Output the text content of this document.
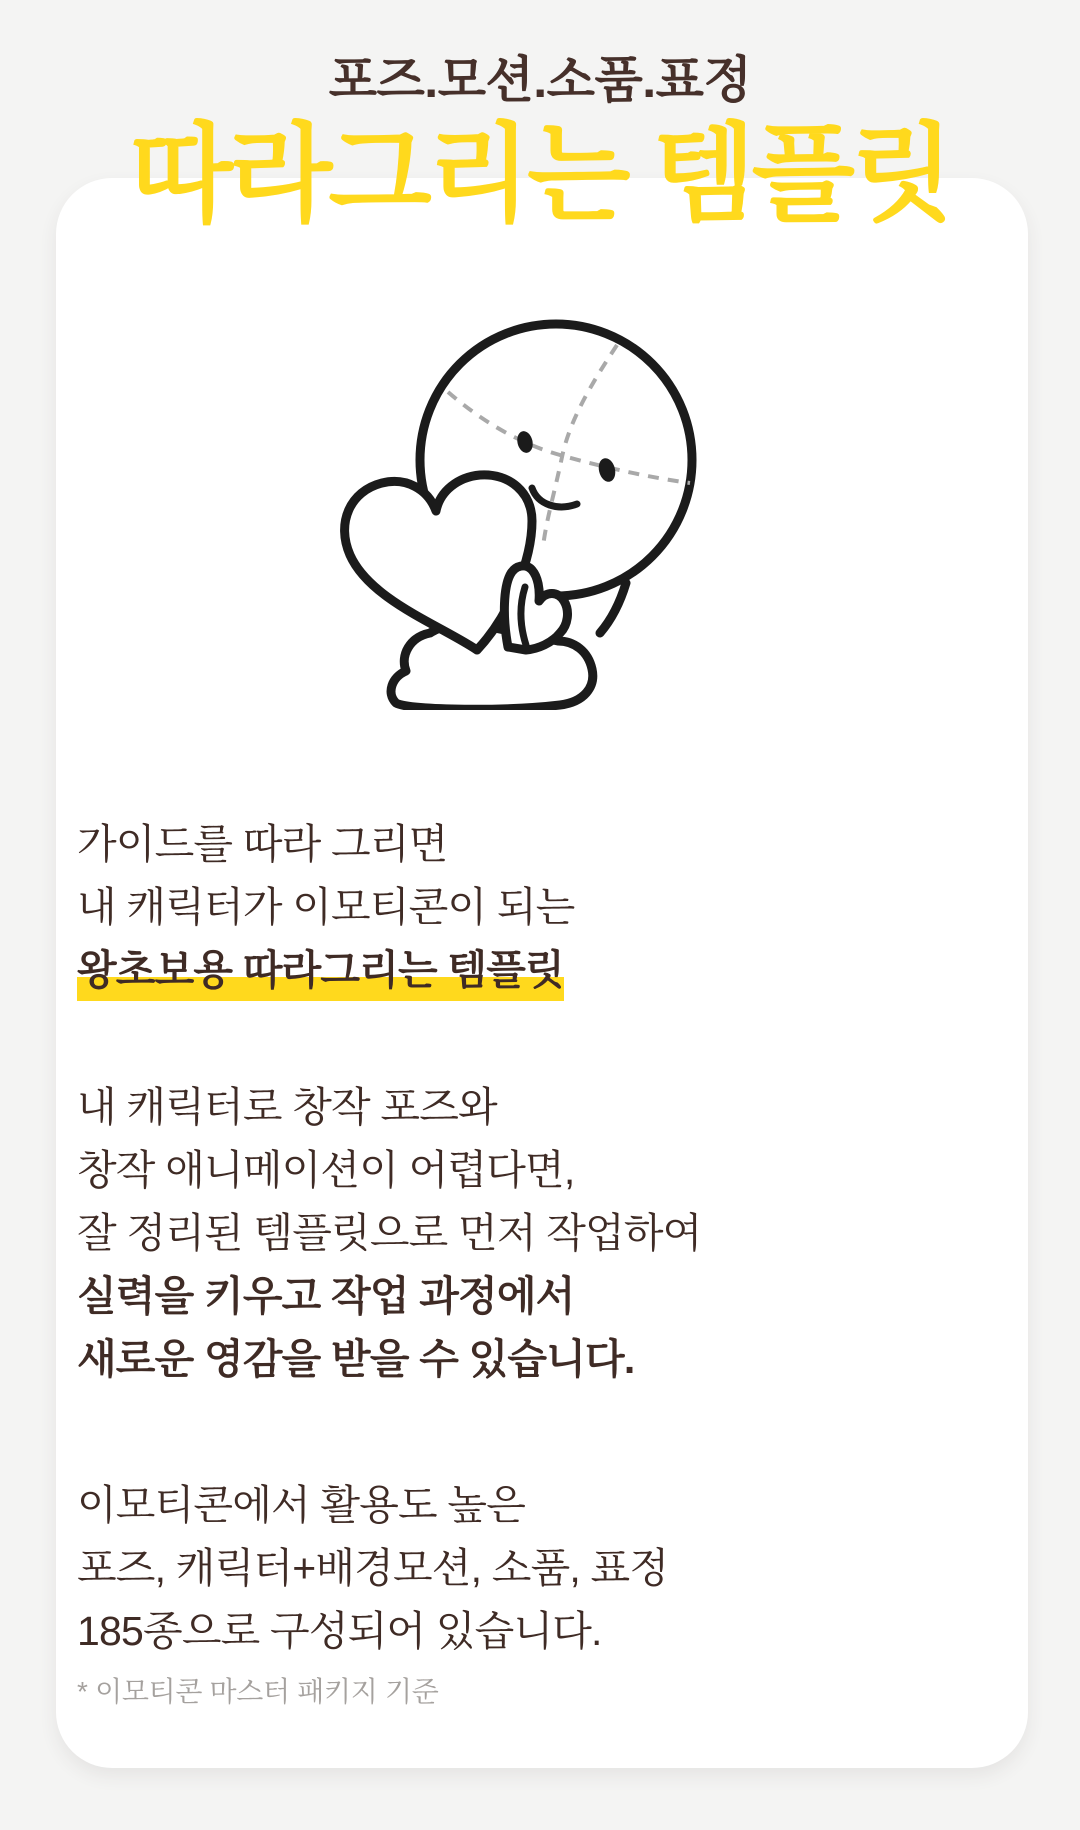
포즈.모션.소품.표정
따라그리는 템플릿

가이드를 따라 그리면
내 캐릭터가 이모티콘이 되는
왕초보용 따라그리는 템플릿

내 캐릭터로 창작 포즈와
창작 애니메이션이 어렵다면,
잘 정리된 템플릿으로 먼저 작업하여
실력을 키우고 작업 과정에서
새로운 영감을 받을 수 있습니다.

이모티콘에서 활용도 높은
포즈, 캐릭터+배경모션, 소품, 표정
185종으로 구성되어 있습니다.

* 이모티콘 마스터 패키지 기준
